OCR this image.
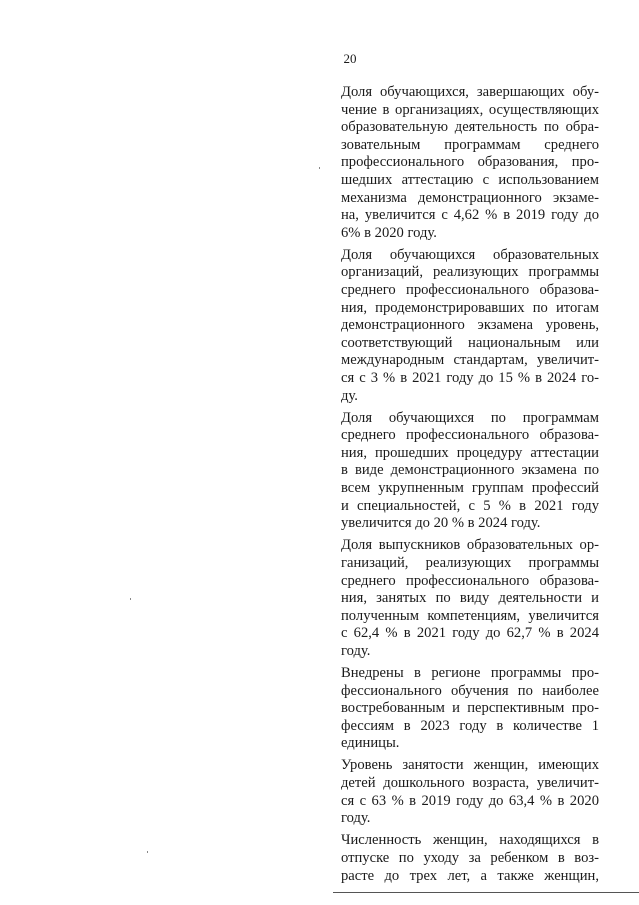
20

Доля обучающихся, завершающих обу-
чение в организациях, осуществляющих
образовательную деятельность по обра-
зовательным программам среднего
профессионального образования, про-
шедших аттестацию с использованием
механизма демонстрационного экзаме-
на, увеличится с 4,62 % в 2019 году до
6% в 2020 году.

Доля обучающихся образовательных
организаций, реализующих программы
среднего профессионального образова-
ния, продемонстрировавших по итогам
демонстрационного экзамена уровень,
соответствующий национальным или
международным стандартам, увеличит-
ся с 3 % в 2021 году до 15 % в 2024 го-
ду.

Доля обучающихся по программам
среднего профессионального образова-
ния, прошедших процедуру аттестации
в виде демонстрационного экзамена по
всем укрупненным группам профессий
и специальностей, с 5 % в 2021 году
увеличится до 20 % в 2024 году.

Доля выпускников образовательных ор-
ганизаций, реализующих программы
среднего профессионального образова-
ния, занятых по виду деятельности и
полученным компетенциям, увеличится
с 62,4 % в 2021 году до 62,7 % в 2024
году.

Внедрены в регионе программы про-
фессионального обучения по наиболее
востребованным и перспективным про-
фессиям в 2023 году в количестве 1
единицы.

Уровень занятости женщин, имеющих
детей дошкольного возраста, увеличит-
ся с 63 % в 2019 году до 63,4 % в 2020
году.

Численность женщин, находящихся в
отпуске по уходу за ребенком в воз-
расте до трех лет, а также женщин,
